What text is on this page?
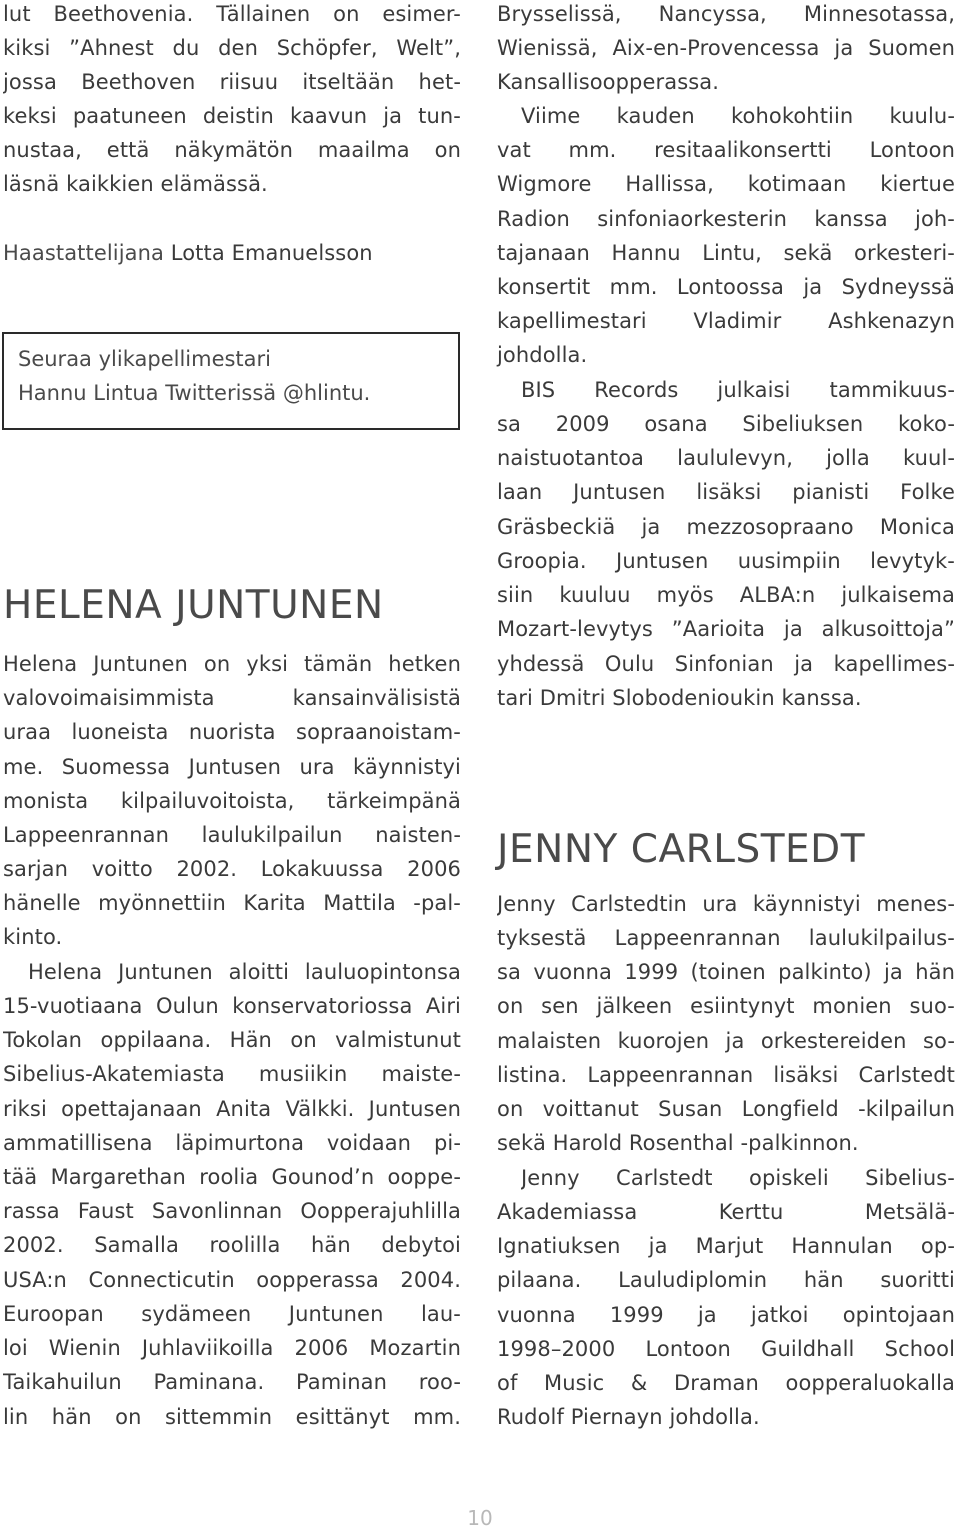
lut Beethovenia. Tällainen on esimer-
kiksi ”Ahnest du den Schöpfer, Welt”,
jossa Beethoven riisuu itseltään het-
keksi paatuneen deistin kaavun ja tun-
nustaa, että näkymätön maailma on
läsnä kaikkien elämässä.
Haastattelijana Lotta Emanuelsson
Seuraa ylikapellimestari
Hannu Lintua Twitterissä @hlintu.
HELENA JUNTUNEN
Helena Juntunen on yksi tämän hetken
valovoimaisimmista kansainvälisistä
uraa luoneista nuorista sopraanoistam-
me. Suomessa Juntusen ura käynnistyi
monista kilpailuvoitoista, tärkeimpänä
Lappeenrannan laulukilpailun naisten-
sarjan voitto 2002. Lokakuussa 2006
hänelle myönnettiin Karita Mattila -pal-
kinto.
Helena Juntunen aloitti lauluopintonsa
15-vuotiaana Oulun konservatoriossa Airi
Tokolan oppilaana. Hän on valmistunut
Sibelius-Akatemiasta musiikin maiste-
riksi opettajanaan Anita Välkki. Juntusen
ammatillisena läpimurtona voidaan pi-
tää Margarethan roolia Gounod’n ooppe-
rassa Faust Savonlinnan Oopperajuhlilla
2002. Samalla roolilla hän debytoi
USA:n Connecticutin oopperassa 2004.
Euroopan sydämeen Juntunen lau-
loi Wienin Juhlaviikoilla 2006 Mozartin
Taikahuilun Paminana. Paminan roo-
lin hän on sittemmin esittänyt mm.
Brysselissä, Nancyssa, Minnesotassa,
Wienissä, Aix-en-Provencessa ja Suomen
Kansallisoopperassa.
Viime kauden kohokohtiin kuulu-
vat mm. resitaalikonsertti Lontoon
Wigmore Hallissa, kotimaan kiertue
Radion sinfoniaorkesterin kanssa joh-
tajanaan Hannu Lintu, sekä orkesteri-
konsertit mm. Lontoossa ja Sydneyssä
kapellimestari Vladimir Ashkenazyn
johdolla.
BIS Records julkaisi tammikuus-
sa 2009 osana Sibeliuksen koko-
naistuotantoa laululevyn, jolla kuul-
laan Juntusen lisäksi pianisti Folke
Gräsbeckiä ja mezzosopraano Monica
Groopia. Juntusen uusimpiin levytyk-
siin kuuluu myös ALBA:n julkaisema
Mozart-levytys ”Aarioita ja alkusoittoja”
yhdessä Oulu Sinfonian ja kapellimes-
tari Dmitri Slobodenioukin kanssa.
JENNY CARLSTEDT
Jenny Carlstedtin ura käynnistyi menes-
tyksestä Lappeenrannan laulukilpailus-
sa vuonna 1999 (toinen palkinto) ja hän
on sen jälkeen esiintynyt monien suo-
malaisten kuorojen ja orkestereiden so-
listina. Lappeenrannan lisäksi Carlstedt
on voittanut Susan Longfield -kilpailun
sekä Harold Rosenthal -palkinnon.
Jenny Carlstedt opiskeli Sibelius-
Akademiassa Kerttu Metsälä-
Ignatiuksen ja Marjut Hannulan op-
pilaana. Lauludiplomin hän suoritti
vuonna 1999 ja jatkoi opintojaan
1998–2000 Lontoon Guildhall School
of Music & Draman oopperaluokalla
Rudolf Piernayn johdolla.
10
